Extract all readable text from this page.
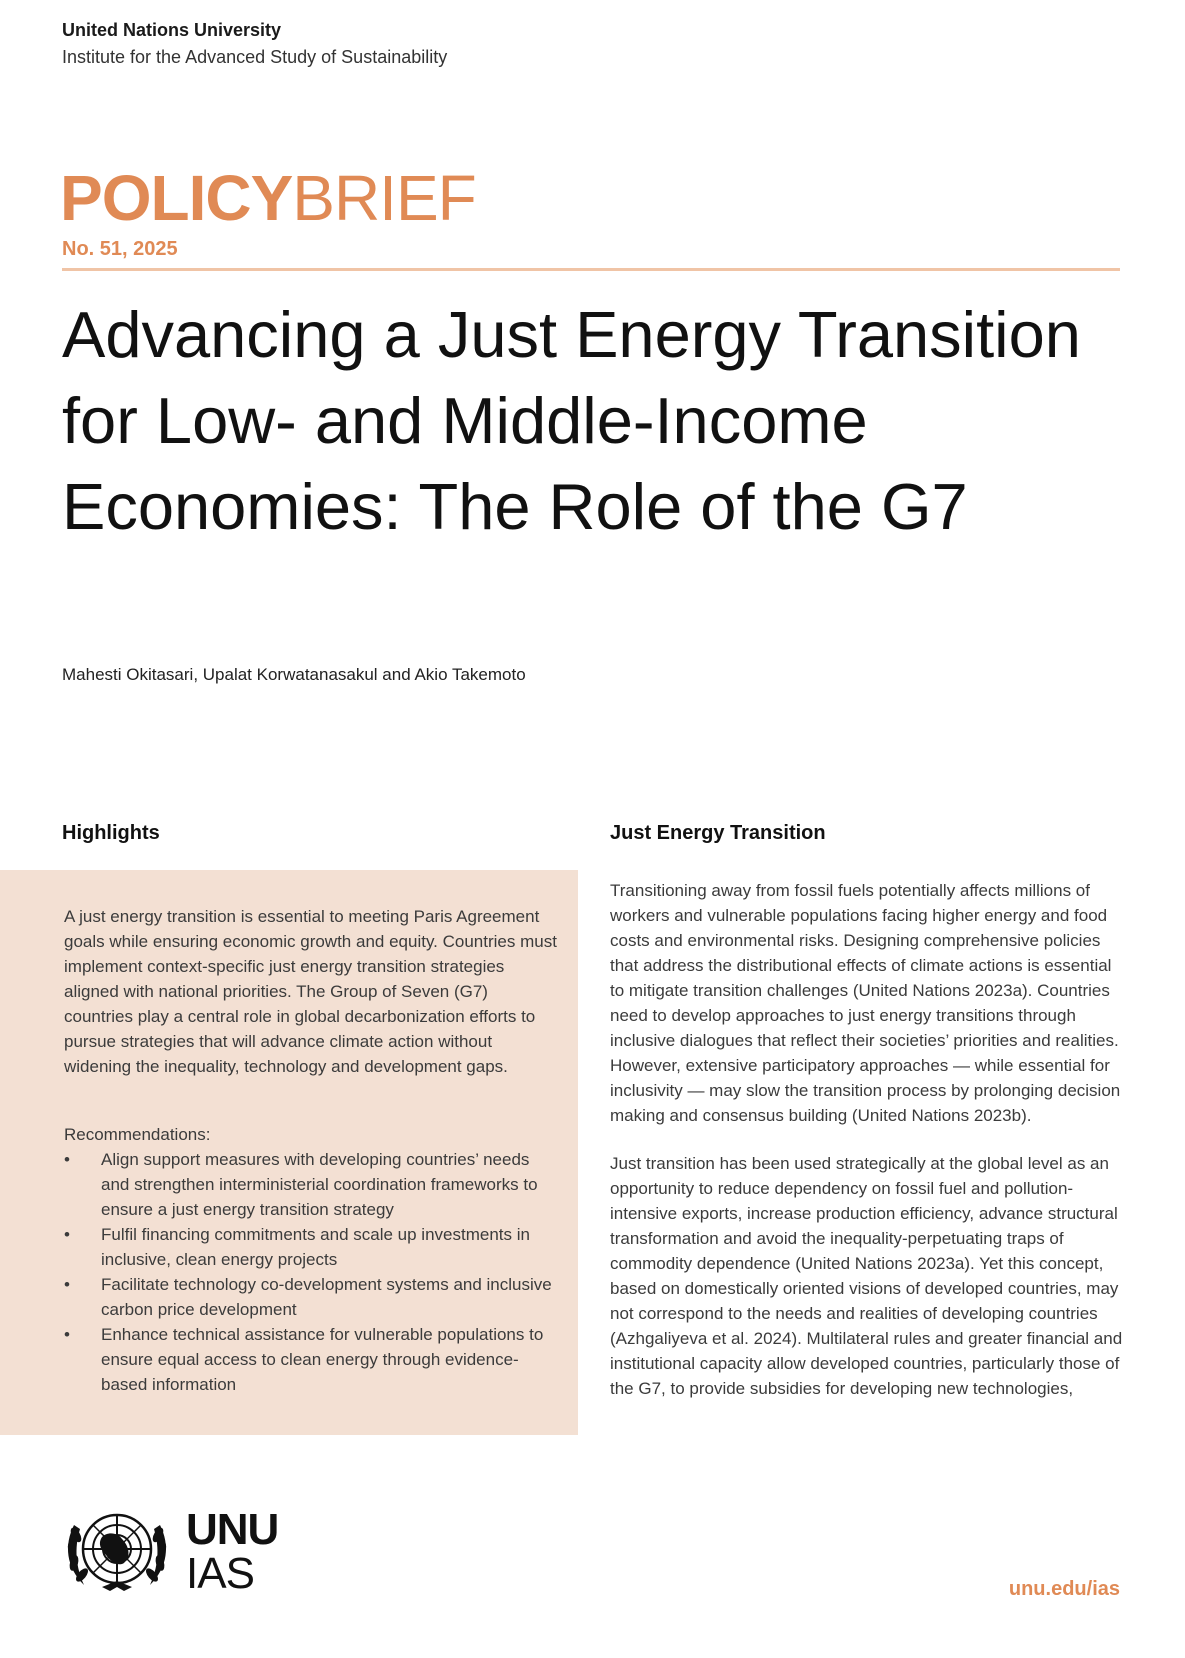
United Nations University
Institute for the Advanced Study of Sustainability
POLICYBRIEF
No. 51, 2025
Advancing a Just Energy Transition for Low- and Middle-Income Economies: The Role of the G7
Mahesti Okitasari, Upalat Korwatanasakul and Akio Takemoto
Highlights	Just Energy Transition

A just energy transition is essential to meeting Paris Agreement goals while ensuring economic growth and equity. Countries must implement context-specific just energy transition strategies aligned with national priorities. The Group of Seven (G7) countries play a central role in global decarbonization efforts to pursue strategies that will advance climate action without widening the inequality, technology and development gaps.

Recommendations:
•	Align support measures with developing countries’ needs and strengthen interministerial coordination frameworks to ensure a just energy transition strategy
•	Fulfil financing commitments and scale up investments in inclusive, clean energy projects
•	Facilitate technology co-development systems and inclusive carbon price development
•	Enhance technical assistance for vulnerable populations to ensure equal access to clean energy through evidence-based information

Transitioning away from fossil fuels potentially affects millions of workers and vulnerable populations facing higher energy and food costs and environmental risks. Designing comprehensive policies that address the distributional effects of climate actions is essential to mitigate transition challenges (United Nations 2023a). Countries need to develop approaches to just energy transitions through inclusive dialogues that reflect their societies’ priorities and realities. However, extensive participatory approaches — while essential for inclusivity — may slow the transition process by prolonging decision making and consensus building (United Nations 2023b).

Just transition has been used strategically at the global level as an opportunity to reduce dependency on fossil fuel and pollution-intensive exports, increase production efficiency, advance structural transformation and avoid the inequality-perpetuating traps of commodity dependence (United Nations 2023a). Yet this concept, based on domestically oriented visions of developed countries, may not correspond to the needs and realities of developing countries (Azhgaliyeva et al. 2024). Multilateral rules and greater financial and institutional capacity allow developed countries, particularly those of the G7, to provide subsidies for developing new technologies,

UNU
IAS	unu.edu/ias
